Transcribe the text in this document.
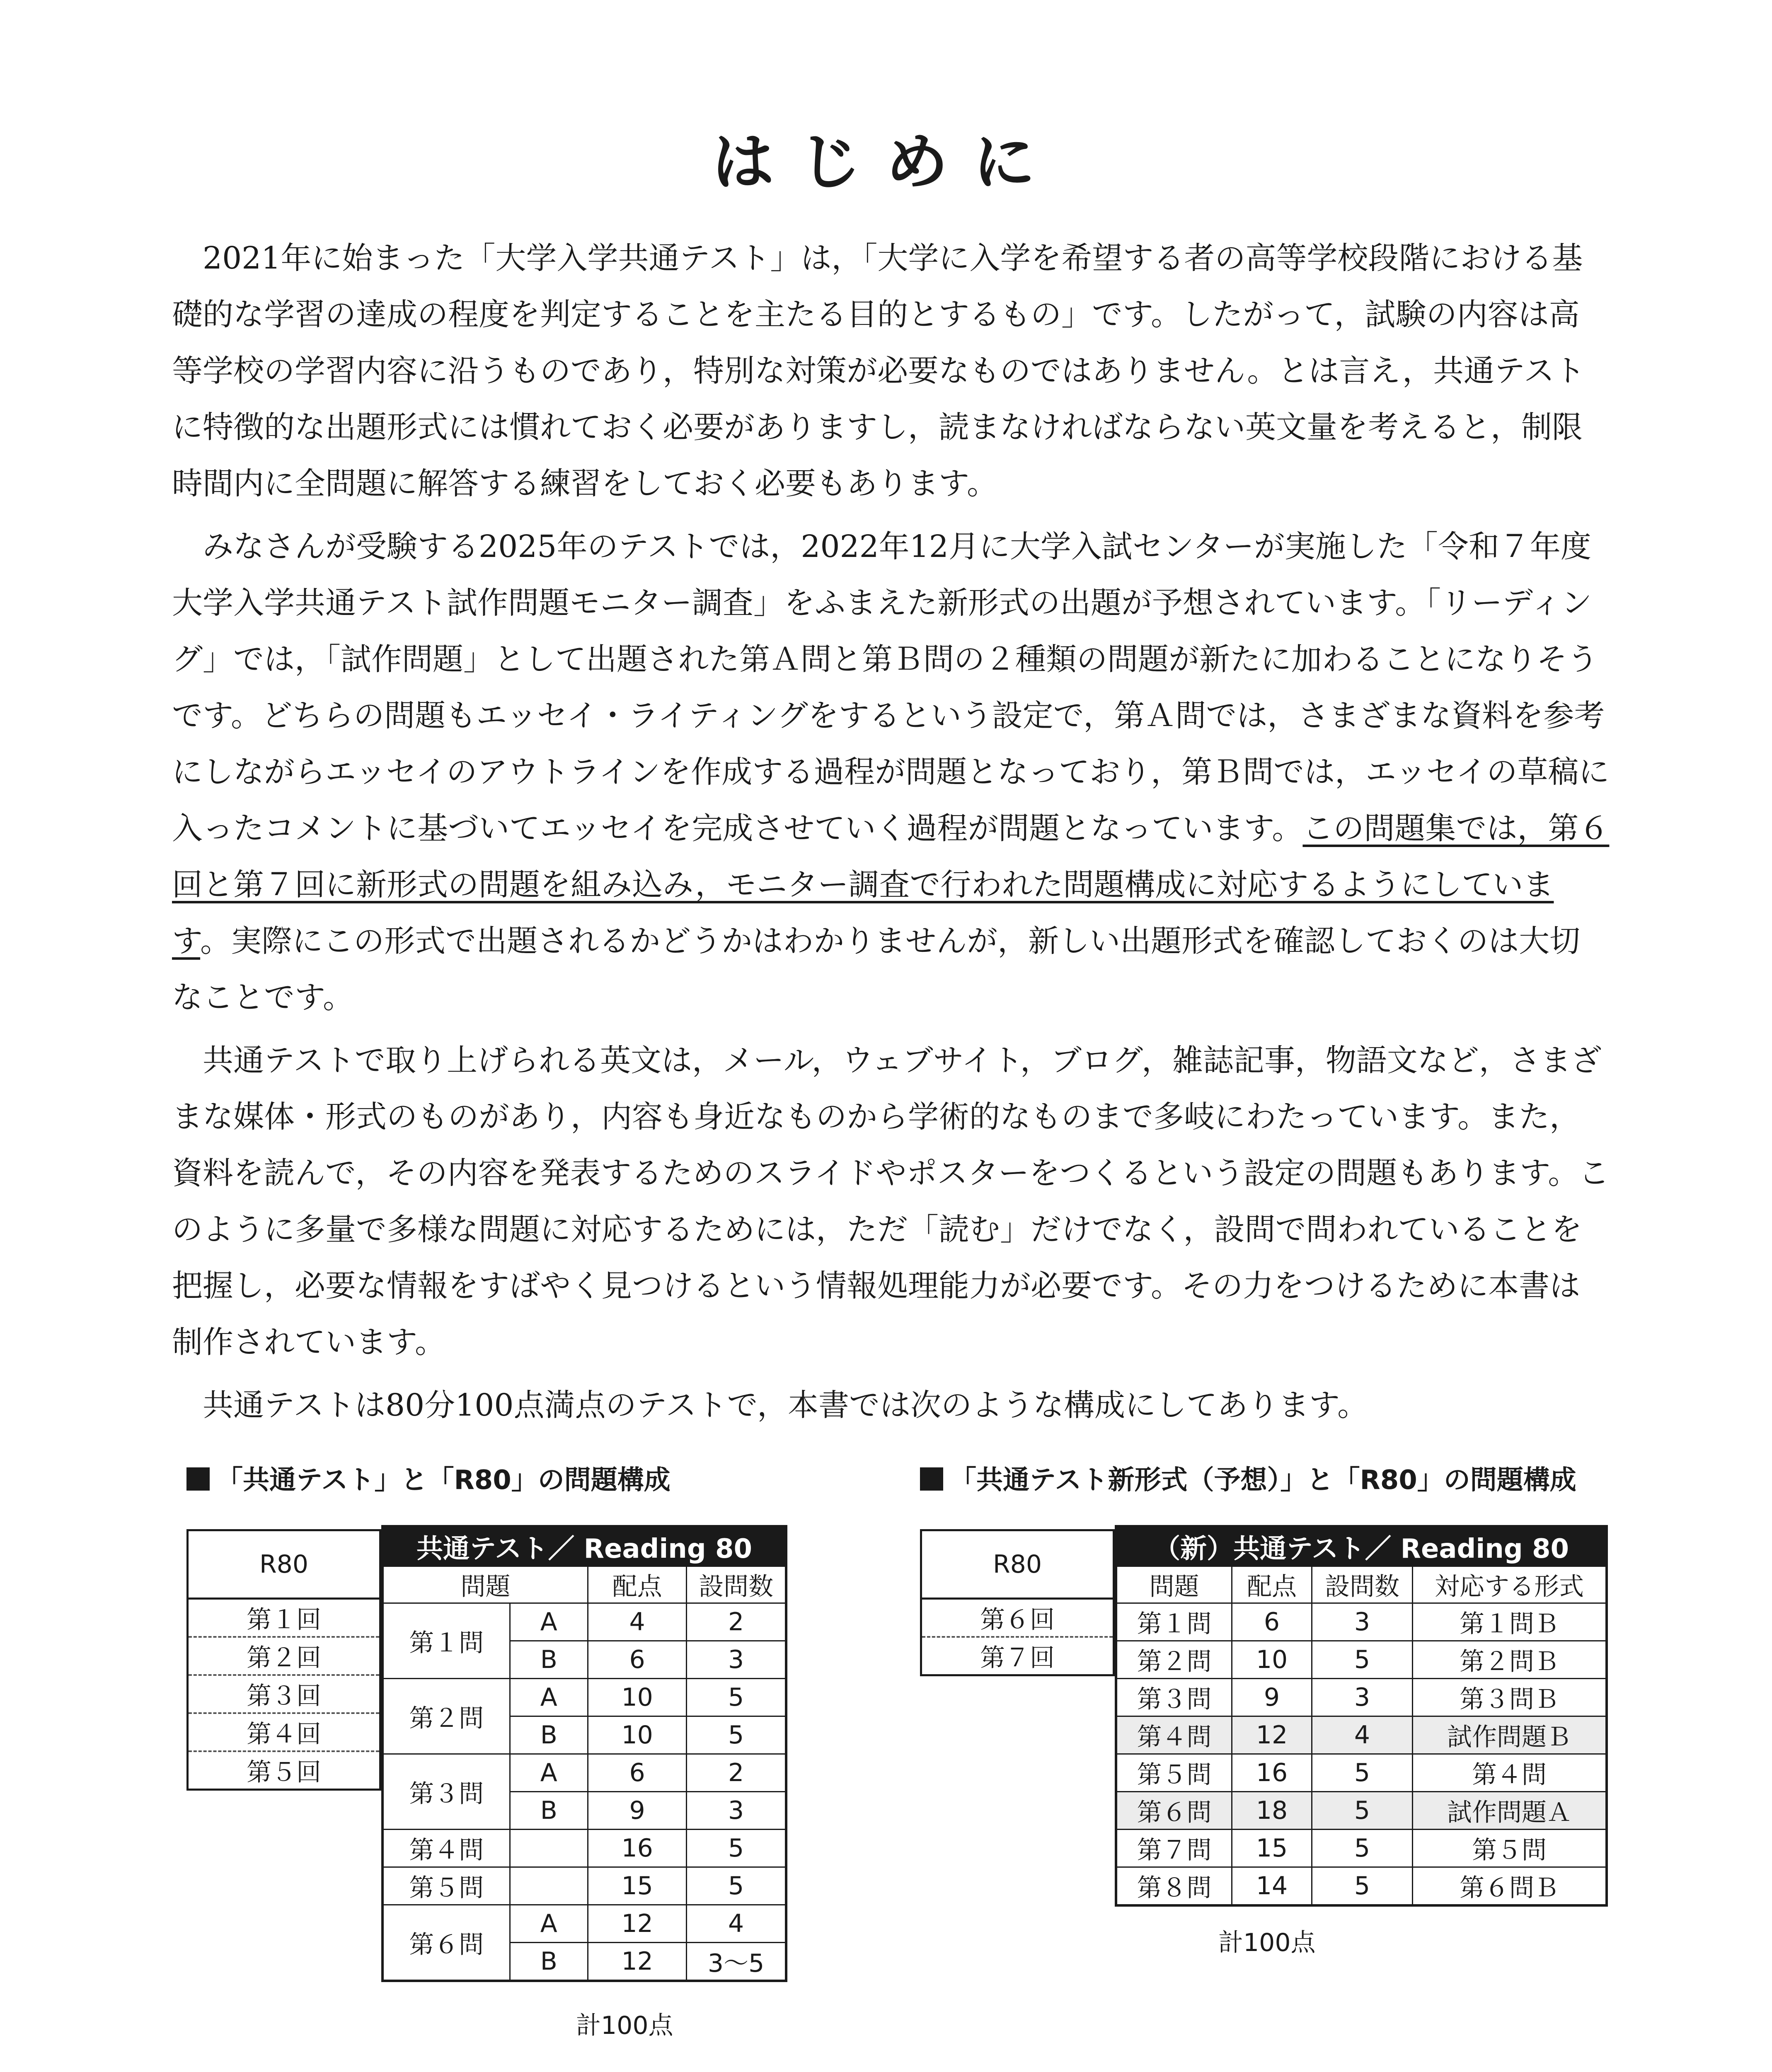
はじめに

2021年に始まった「大学入学共通テスト」は，「大学に入学を希望する者の高等学校段階における基礎的な学習の達成の程度を判定することを主たる目的とするもの」です。したがって，試験の内容は高等学校の学習内容に沿うものであり，特別な対策が必要なものではありません。とは言え，共通テストに特徴的な出題形式には慣れておく必要がありますし，読まなければならない英文量を考えると，制限時間内に全問題に解答する練習をしておく必要もあります。

みなさんが受験する2025年のテストでは，2022年12月に大学入試センターが実施した「令和７年度大学入学共通テスト試作問題モニター調査」をふまえた新形式の出題が予想されています。「リーディング」では，「試作問題」として出題された第Ａ問と第Ｂ問の２種類の問題が新たに加わることになりそうです。どちらの問題もエッセイ・ライティングをするという設定で，第Ａ問では，さまざまな資料を参考にしながらエッセイのアウトラインを作成する過程が問題となっており，第Ｂ問では，エッセイの草稿に入ったコメントに基づいてエッセイを完成させていく過程が問題となっています。この問題集では，第６回と第７回に新形式の問題を組み込み，モニター調査で行われた問題構成に対応するようにしています。実際にこの形式で出題されるかどうかはわかりませんが，新しい出題形式を確認しておくのは大切なことです。

共通テストで取り上げられる英文は，メール，ウェブサイト，ブログ，雑誌記事，物語文など，さまざまな媒体・形式のものがあり，内容も身近なものから学術的なものまで多岐にわたっています。また，資料を読んで，その内容を発表するためのスライドやポスターをつくるという設定の問題もあります。このように多量で多様な問題に対応するためには，ただ「読む」だけでなく，設問で問われていることを把握し，必要な情報をすばやく見つけるという情報処理能力が必要です。その力をつけるために本書は制作されています。

共通テストは80分100点満点のテストで，本書では次のような構成にしてあります。

「共通テスト」と「R80」の問題構成
R80
第１回
第２回
第３回
第４回
第５回
共通テスト／ Reading 80			
問題		配点	設問数
第１問	A	4	2
	B	6	3
第２問	A	10	5
	B	10	5
第３問	A	6	2
	B	9	3
第４問		16	5
第５問		15	5
第６問	A	12	4
	B	12	3〜5
計100点
「共通テスト新形式（予想）」と「R80」の問題構成
R80
第６回
第７回
（新）共通テスト／ Reading 80			
問題	配点	設問数	対応する形式
第１問	6	3	第１問Ｂ
第２問	10	5	第２問Ｂ
第３問	9	3	第３問Ｂ
第４問	12	4	試作問題Ｂ
第５問	16	5	第４問
第６問	18	5	試作問題Ａ
第７問	15	5	第５問
第８問	14	5	第６問Ｂ
計100点
